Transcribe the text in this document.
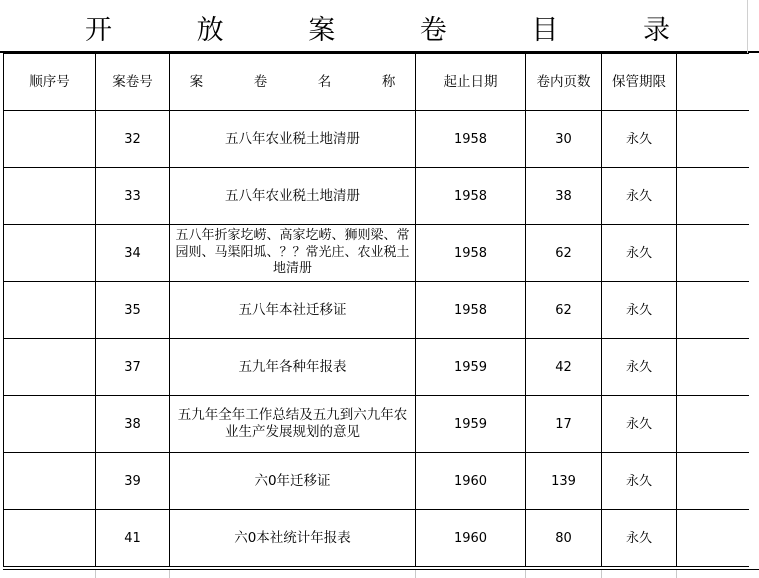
开 放 案 卷 目 录
顺序号	案卷号	案  卷  名  称	起止日期	卷内页数	保管期限	
	32	五八年农业税土地清册	1958	30	永久	
	33	五八年农业税土地清册	1958	38	永久	
	34	五八年折家圪崂、高家圪崂、狮则梁、常园则、马渠阳坬、？？常光庄、农业税土地清册	1958	62	永久	
	35	五八年本社迁移证	1958	62	永久	
	37	五九年各种年报表	1959	42	永久	
	38	五九年全年工作总结及五九到六九年农业生产发展规划的意见	1959	17	永久	
	39	六0年迁移证	1960	139	永久	
	41	六0本社统计年报表	1960	80	永久	
